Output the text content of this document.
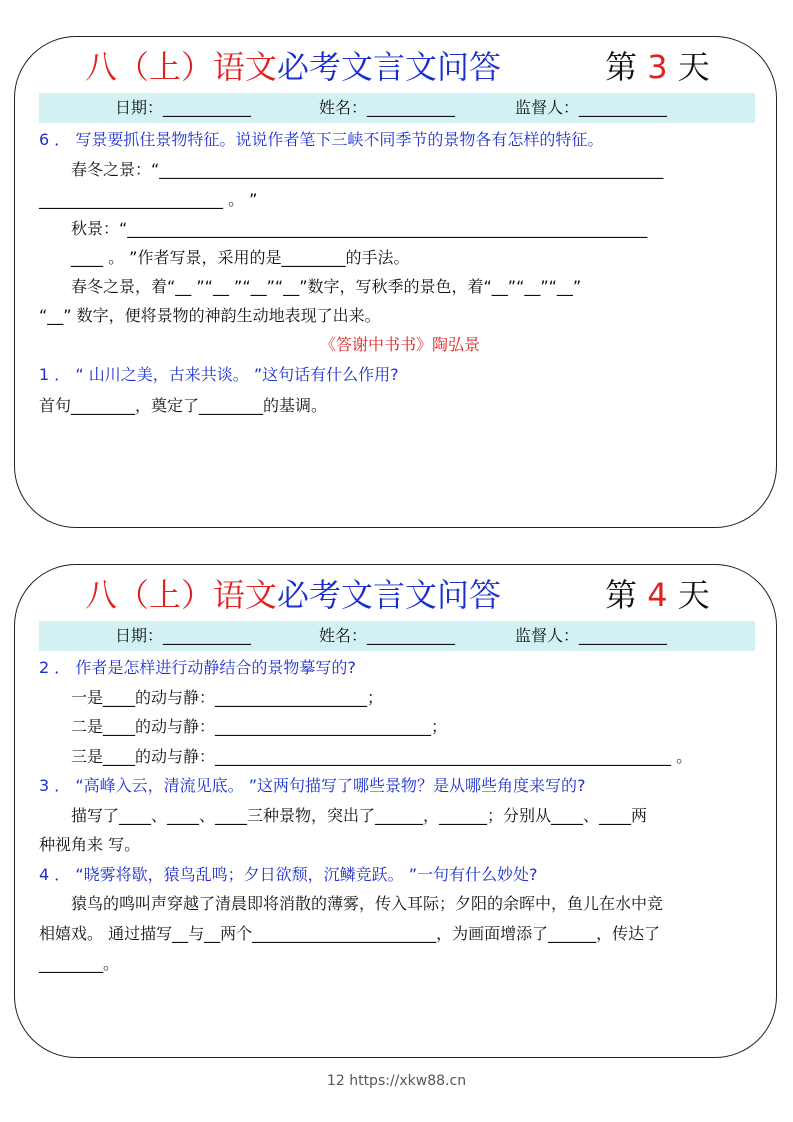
八（上）语文必考文言文问答	第 3 天
日期：___________	姓名：___________	监督人：___________
6 ． 写景要抓住景物特征。说说作者笔下三峡不同季节的景物各有怎样的特征。
春冬之景：“_______________________________________________________________
_______________________ 。 ”
秋景：“_________________________________________________________________
____ 。 ”作者写景，采用的是________的手法。
春冬之景，着“__ ”“__ ”“__”“__”数字，写秋季的景色，着“__”“__”“__”
“__” 数字，便将景物的神韵生动地表现了出来。
《答谢中书书》陶弘景
1 ． “ 山川之美，古来共谈。 ”这句话有什么作用?
首句________，奠定了________的基调。
八（上）语文必考文言文问答	第 4 天
日期：___________	姓名：___________	监督人：___________
2 ． 作者是怎样进行动静结合的景物摹写的?
一是____的动与静：___________________；
二是____的动与静：___________________________；
三是____的动与静：_________________________________________________________ 。
3 ． “高峰入云，清流见底。 ”这两句描写了哪些景物？是从哪些角度来写的?
描写了____、____、____三种景物，突出了______，______；分别从____、____两
种视角来 写。
4 ． “晓雾将歇，猿鸟乱鸣；夕日欲颓，沉鳞竞跃。 ”一句有什么妙处?
猿鸟的鸣叫声穿越了清晨即将消散的薄雾，传入耳际；夕阳的余晖中，鱼儿在水中竞
相嬉戏。 通过描写__与__两个_______________________，为画面增添了______，传达了
________。
12 https://xkw88.cn
